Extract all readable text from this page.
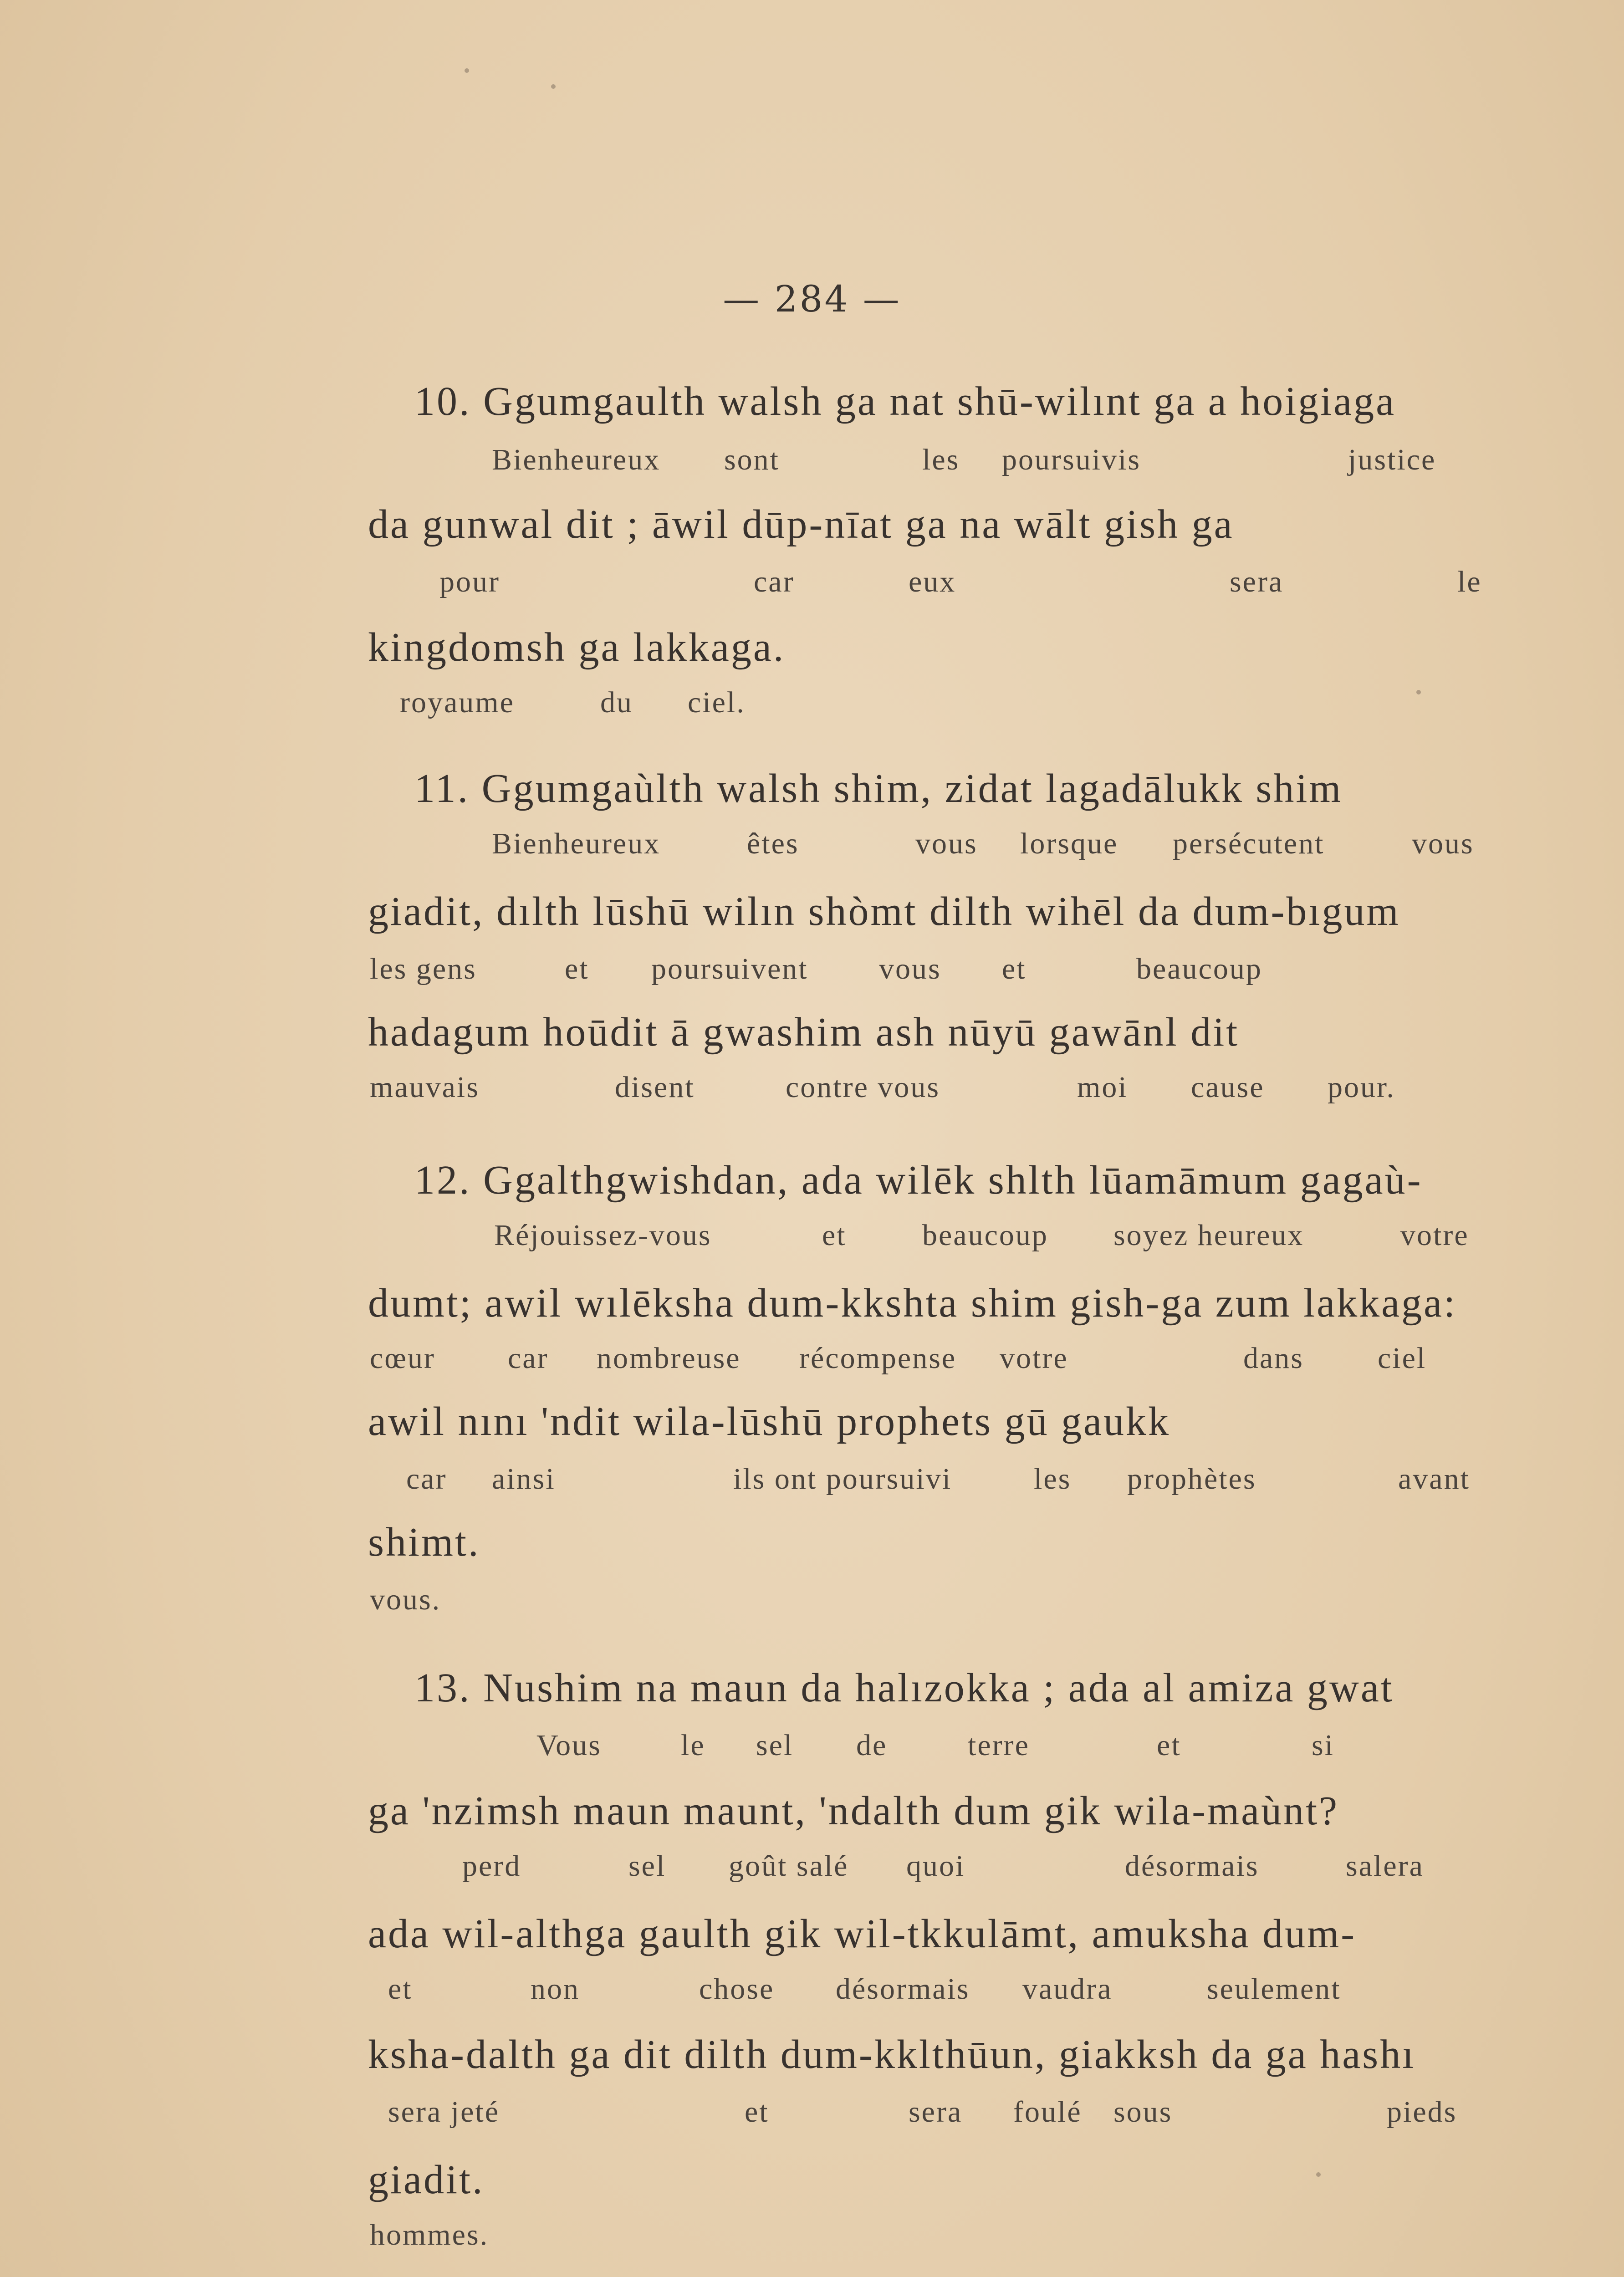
— 284 —
10. Ggumgaulth walsh ga nat shū-wilınt ga a hoigiaga
Bienheureux sont	les poursuivis	justice
da gunwal dit ; āwil dūp-nīat ga na wālt gish ga
pour	car	eux	sera	le
kingdomsh ga lakkaga.
royaume	du ciel.
11. Ggumgaùlth walsh shim, zidat lagadālukk shim
Bienheureux	êtes	vous lorsque persécutent	vous
giadit, dılth lūshū wilın shòmt dilth wihēl da dum-bıgum
les gens	et poursuivent vous et	beaucoup
hadagum hoūdit ā gwashim ash nūyū gawānl dit
mauvais	disent	contre vous	moi cause pour.
12. Ggalthgwishdan, ada wilēk shlth lūamāmum gagaù-
Réjouissez-vous	et	beaucoup soyez heureux	votre
dumt; awil wılēksha dum-kkshta shim gish-ga zum lakkaga:
cœur car nombreuse récompense votre	dans ciel
awil nını 'ndit wila-lūshū prophets gū gaukk
car ainsi	ils ont poursuivi	les prophètes	avant
shimt.
vous.
13. Nushim na maun da halızokka ; ada al amiza gwat
Vous	le sel de	terre	et	si
ga 'nzimsh maun maunt, 'ndalth dum gik wila-maùnt?
perd	sel goût salé quoi	désormais	salera
ada wil-althga gaulth gik wil-tkkulāmt, amuksha dum-
et	non	chose désormais vaudra	seulement
ksha-dalth ga dit dilth dum-kklthūun, giakksh da ga hashı
sera jeté	et	sera foulé sous	pieds
giadit.
hommes.
